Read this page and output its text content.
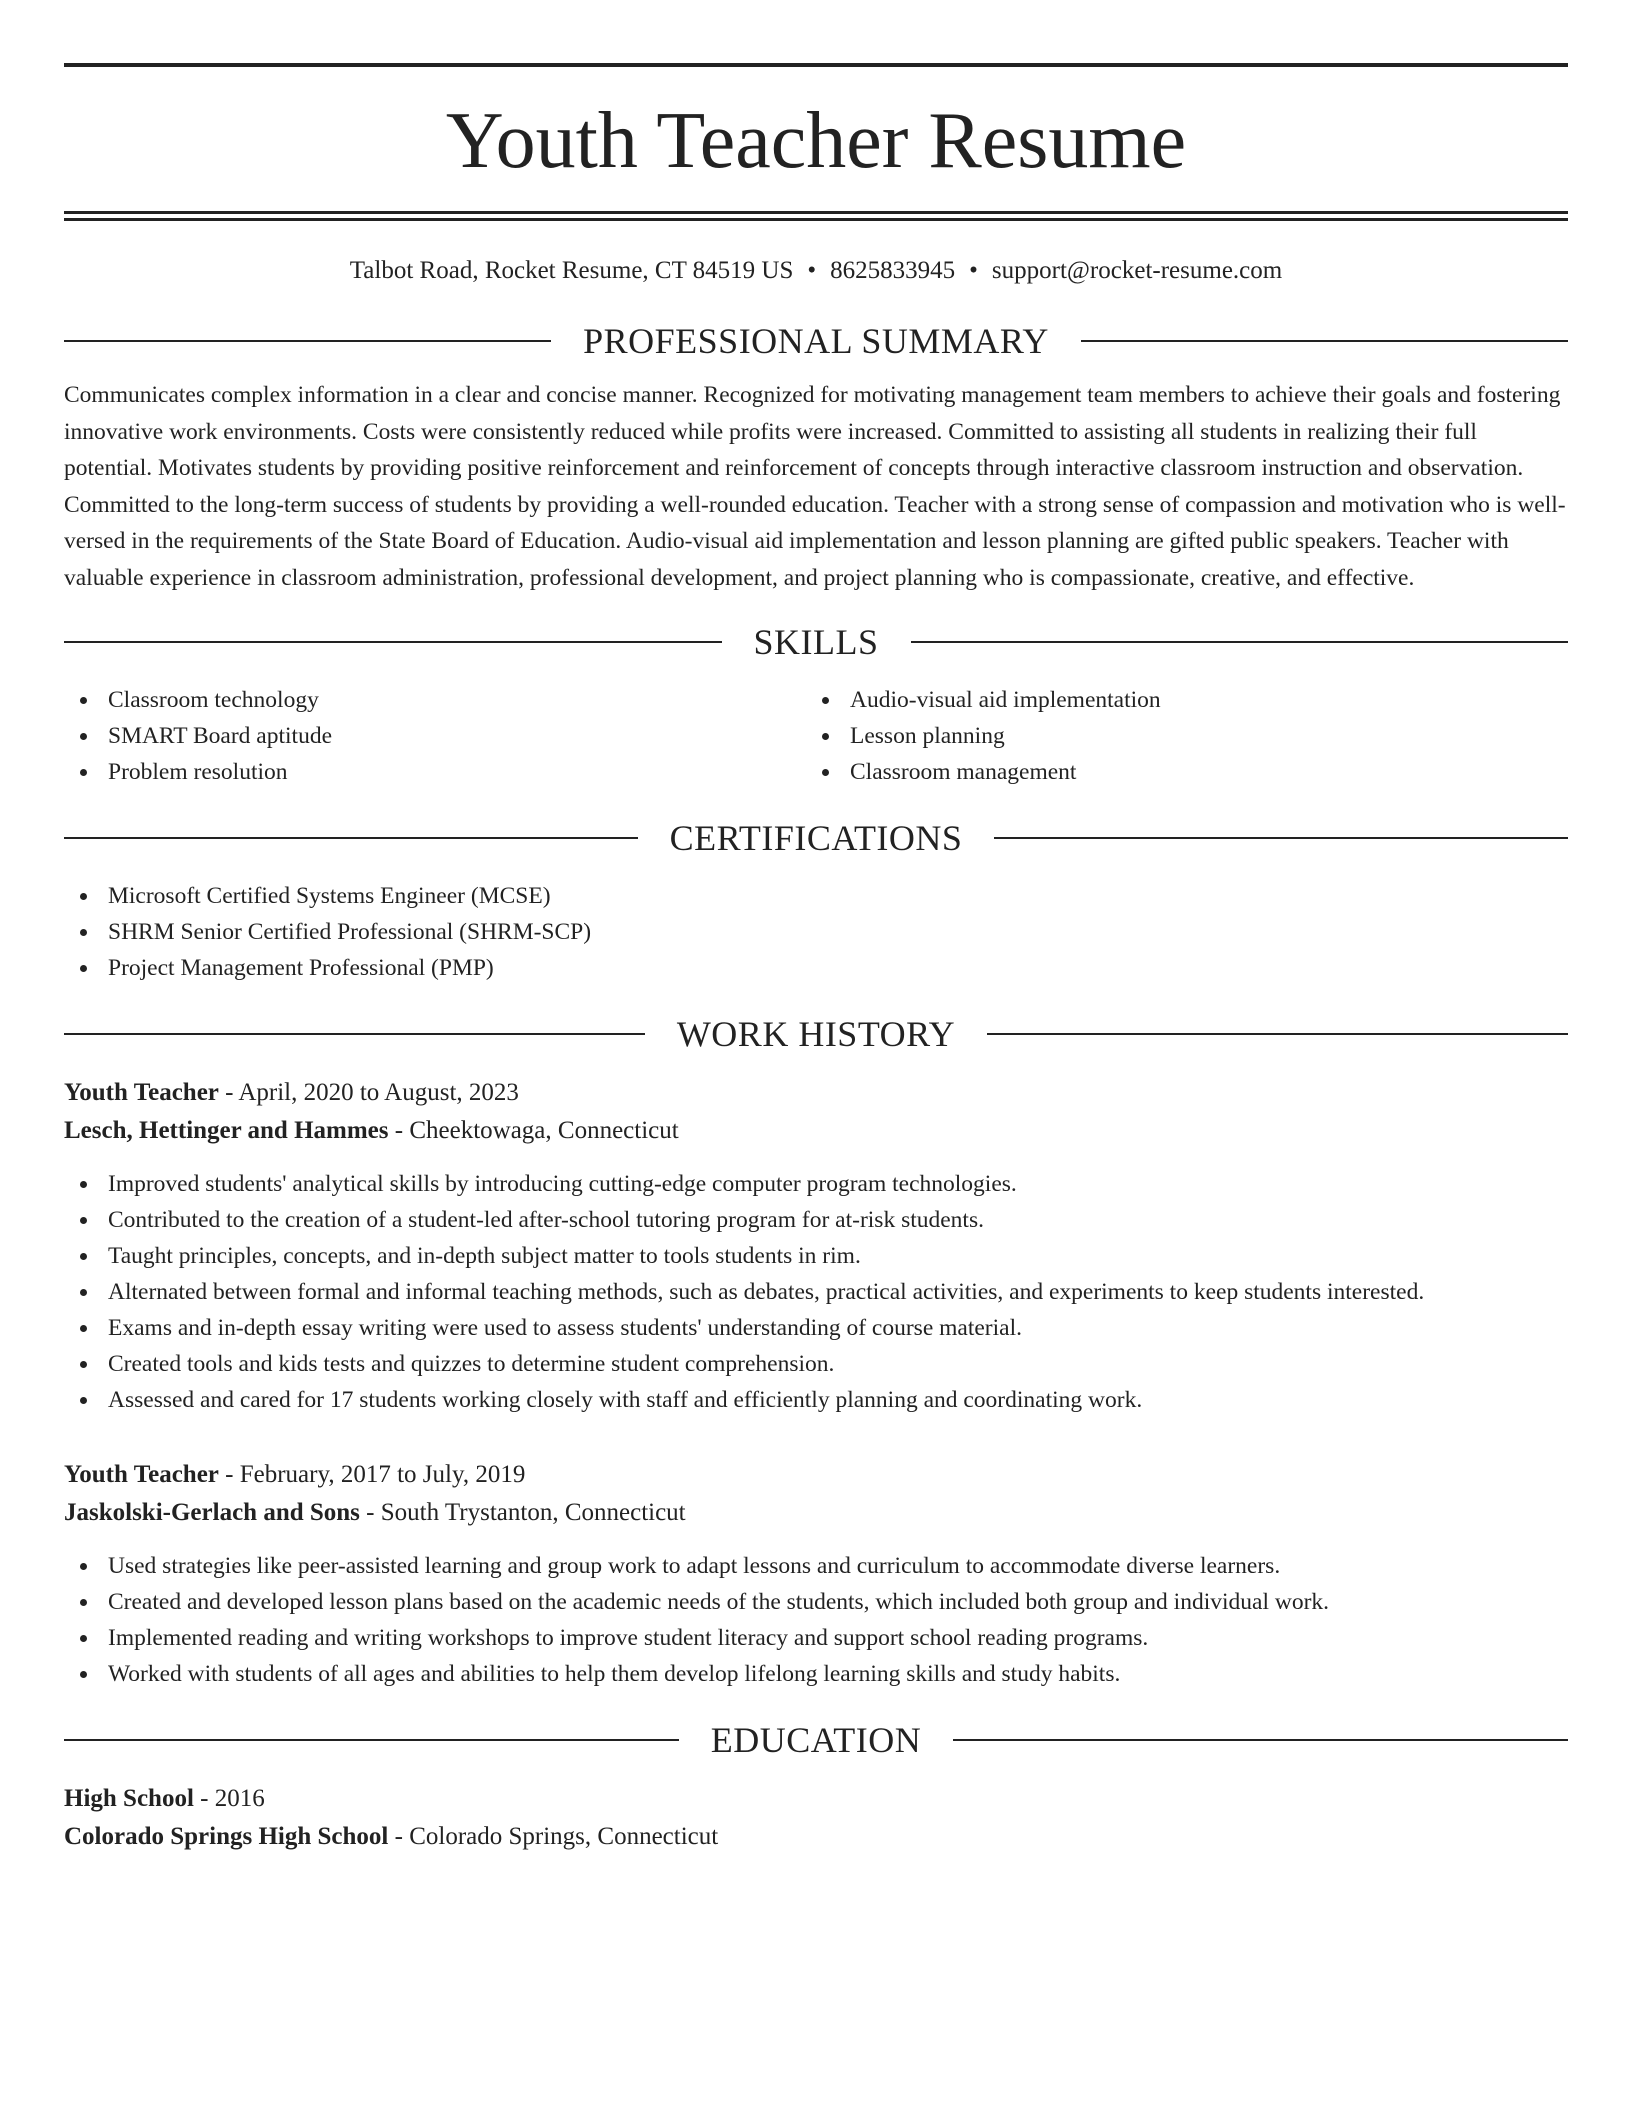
Youth Teacher Resume
Talbot Road, Rocket Resume, CT 84519 US • 8625833945 • support@rocket-resume.com
PROFESSIONAL SUMMARY

Communicates complex information in a clear and concise manner. Recognized for motivating management team members to achieve their goals and fostering innovative work environments. Costs were consistently reduced while profits were increased. Committed to assisting all students in realizing their full potential. Motivates students by providing positive reinforcement and reinforcement of concepts through interactive classroom instruction and observation. Committed to the long-term success of students by providing a well-rounded education. Teacher with a strong sense of compassion and motivation who is well-versed in the requirements of the State Board of Education. Audio-visual aid implementation and lesson planning are gifted public speakers. Teacher with valuable experience in classroom administration, professional development, and project planning who is compassionate, creative, and effective.

SKILLS
Classroom technology
SMART Board aptitude
Problem resolution
Audio-visual aid implementation
Lesson planning
Classroom management
CERTIFICATIONS
Microsoft Certified Systems Engineer (MCSE)
SHRM Senior Certified Professional (SHRM-SCP)
Project Management Professional (PMP)
WORK HISTORY
Youth Teacher - April, 2020 to August, 2023
Lesch, Hettinger and Hammes - Cheektowaga, Connecticut
Improved students' analytical skills by introducing cutting-edge computer program technologies.
Contributed to the creation of a student-led after-school tutoring program for at-risk students.
Taught principles, concepts, and in-depth subject matter to tools students in rim.
Alternated between formal and informal teaching methods, such as debates, practical activities, and experiments to keep students interested.
Exams and in-depth essay writing were used to assess students' understanding of course material.
Created tools and kids tests and quizzes to determine student comprehension.
Assessed and cared for 17 students working closely with staff and efficiently planning and coordinating work.
Youth Teacher - February, 2017 to July, 2019
Jaskolski-Gerlach and Sons - South Trystanton, Connecticut
Used strategies like peer-assisted learning and group work to adapt lessons and curriculum to accommodate diverse learners.
Created and developed lesson plans based on the academic needs of the students, which included both group and individual work.
Implemented reading and writing workshops to improve student literacy and support school reading programs.
Worked with students of all ages and abilities to help them develop lifelong learning skills and study habits.
EDUCATION
High School - 2016
Colorado Springs High School - Colorado Springs, Connecticut
